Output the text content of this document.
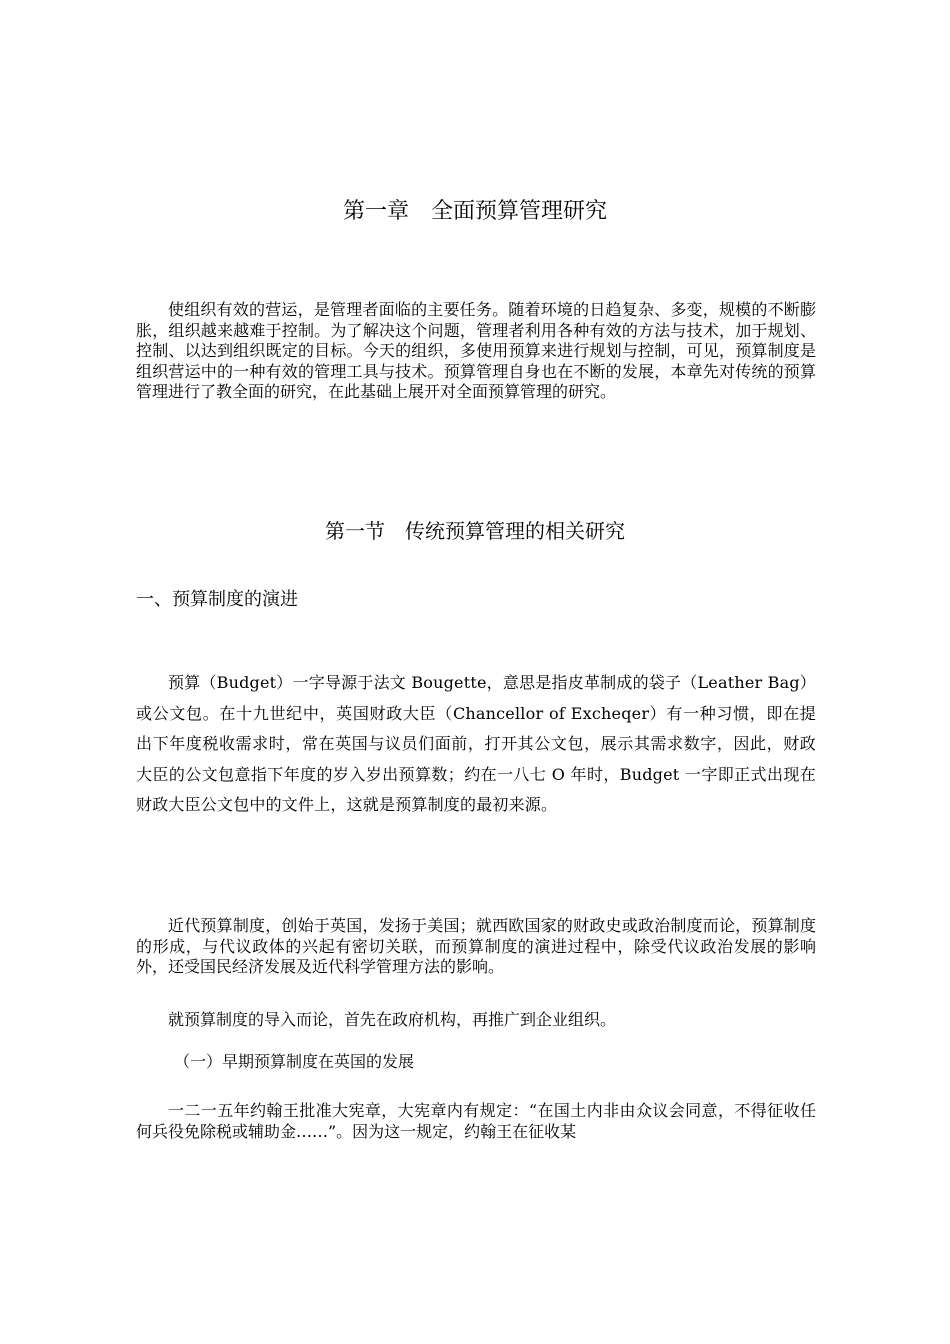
第一章　全面预算管理研究

使组织有效的营运，是管理者面临的主要任务。随着环境的日趋复杂、多变，规模的不断膨胀，组织越来越难于控制。为了解决这个问题，管理者利用各种有效的方法与技术，加于规划、控制、以达到组织既定的目标。今天的组织，多使用预算来进行规划与控制，可见，预算制度是组织营运中的一种有效的管理工具与技术。预算管理自身也在不断的发展，本章先对传统的预算管理进行了教全面的研究，在此基础上展开对全面预算管理的研究。

第一节　传统预算管理的相关研究
一、预算制度的演进

预算（Budget）一字导源于法文 Bougette，意思是指皮革制成的袋子（Leather Bag）或公文包。在十九世纪中，英国财政大臣（Chancellor of Excheqer）有一种习惯，即在提出下年度税收需求时，常在英国与议员们面前，打开其公文包，展示其需求数字，因此，财政大臣的公文包意指下年度的岁入岁出预算数；约在一八七 O 年时，Budget 一字即正式出现在财政大臣公文包中的文件上，这就是预算制度的最初来源。

近代预算制度，创始于英国，发扬于美国；就西欧国家的财政史或政治制度而论，预算制度的形成，与代议政体的兴起有密切关联，而预算制度的演进过程中，除受代议政治发展的影响外，还受国民经济发展及近代科学管理方法的影响。

就预算制度的导入而论，首先在政府机构，再推广到企业组织。

（一）早期预算制度在英国的发展

一二一五年约翰王批准大宪章，大宪章内有规定：“在国土内非由众议会同意，不得征收任何兵役免除税或辅助金……”。因为这一规定，约翰王在征收某
